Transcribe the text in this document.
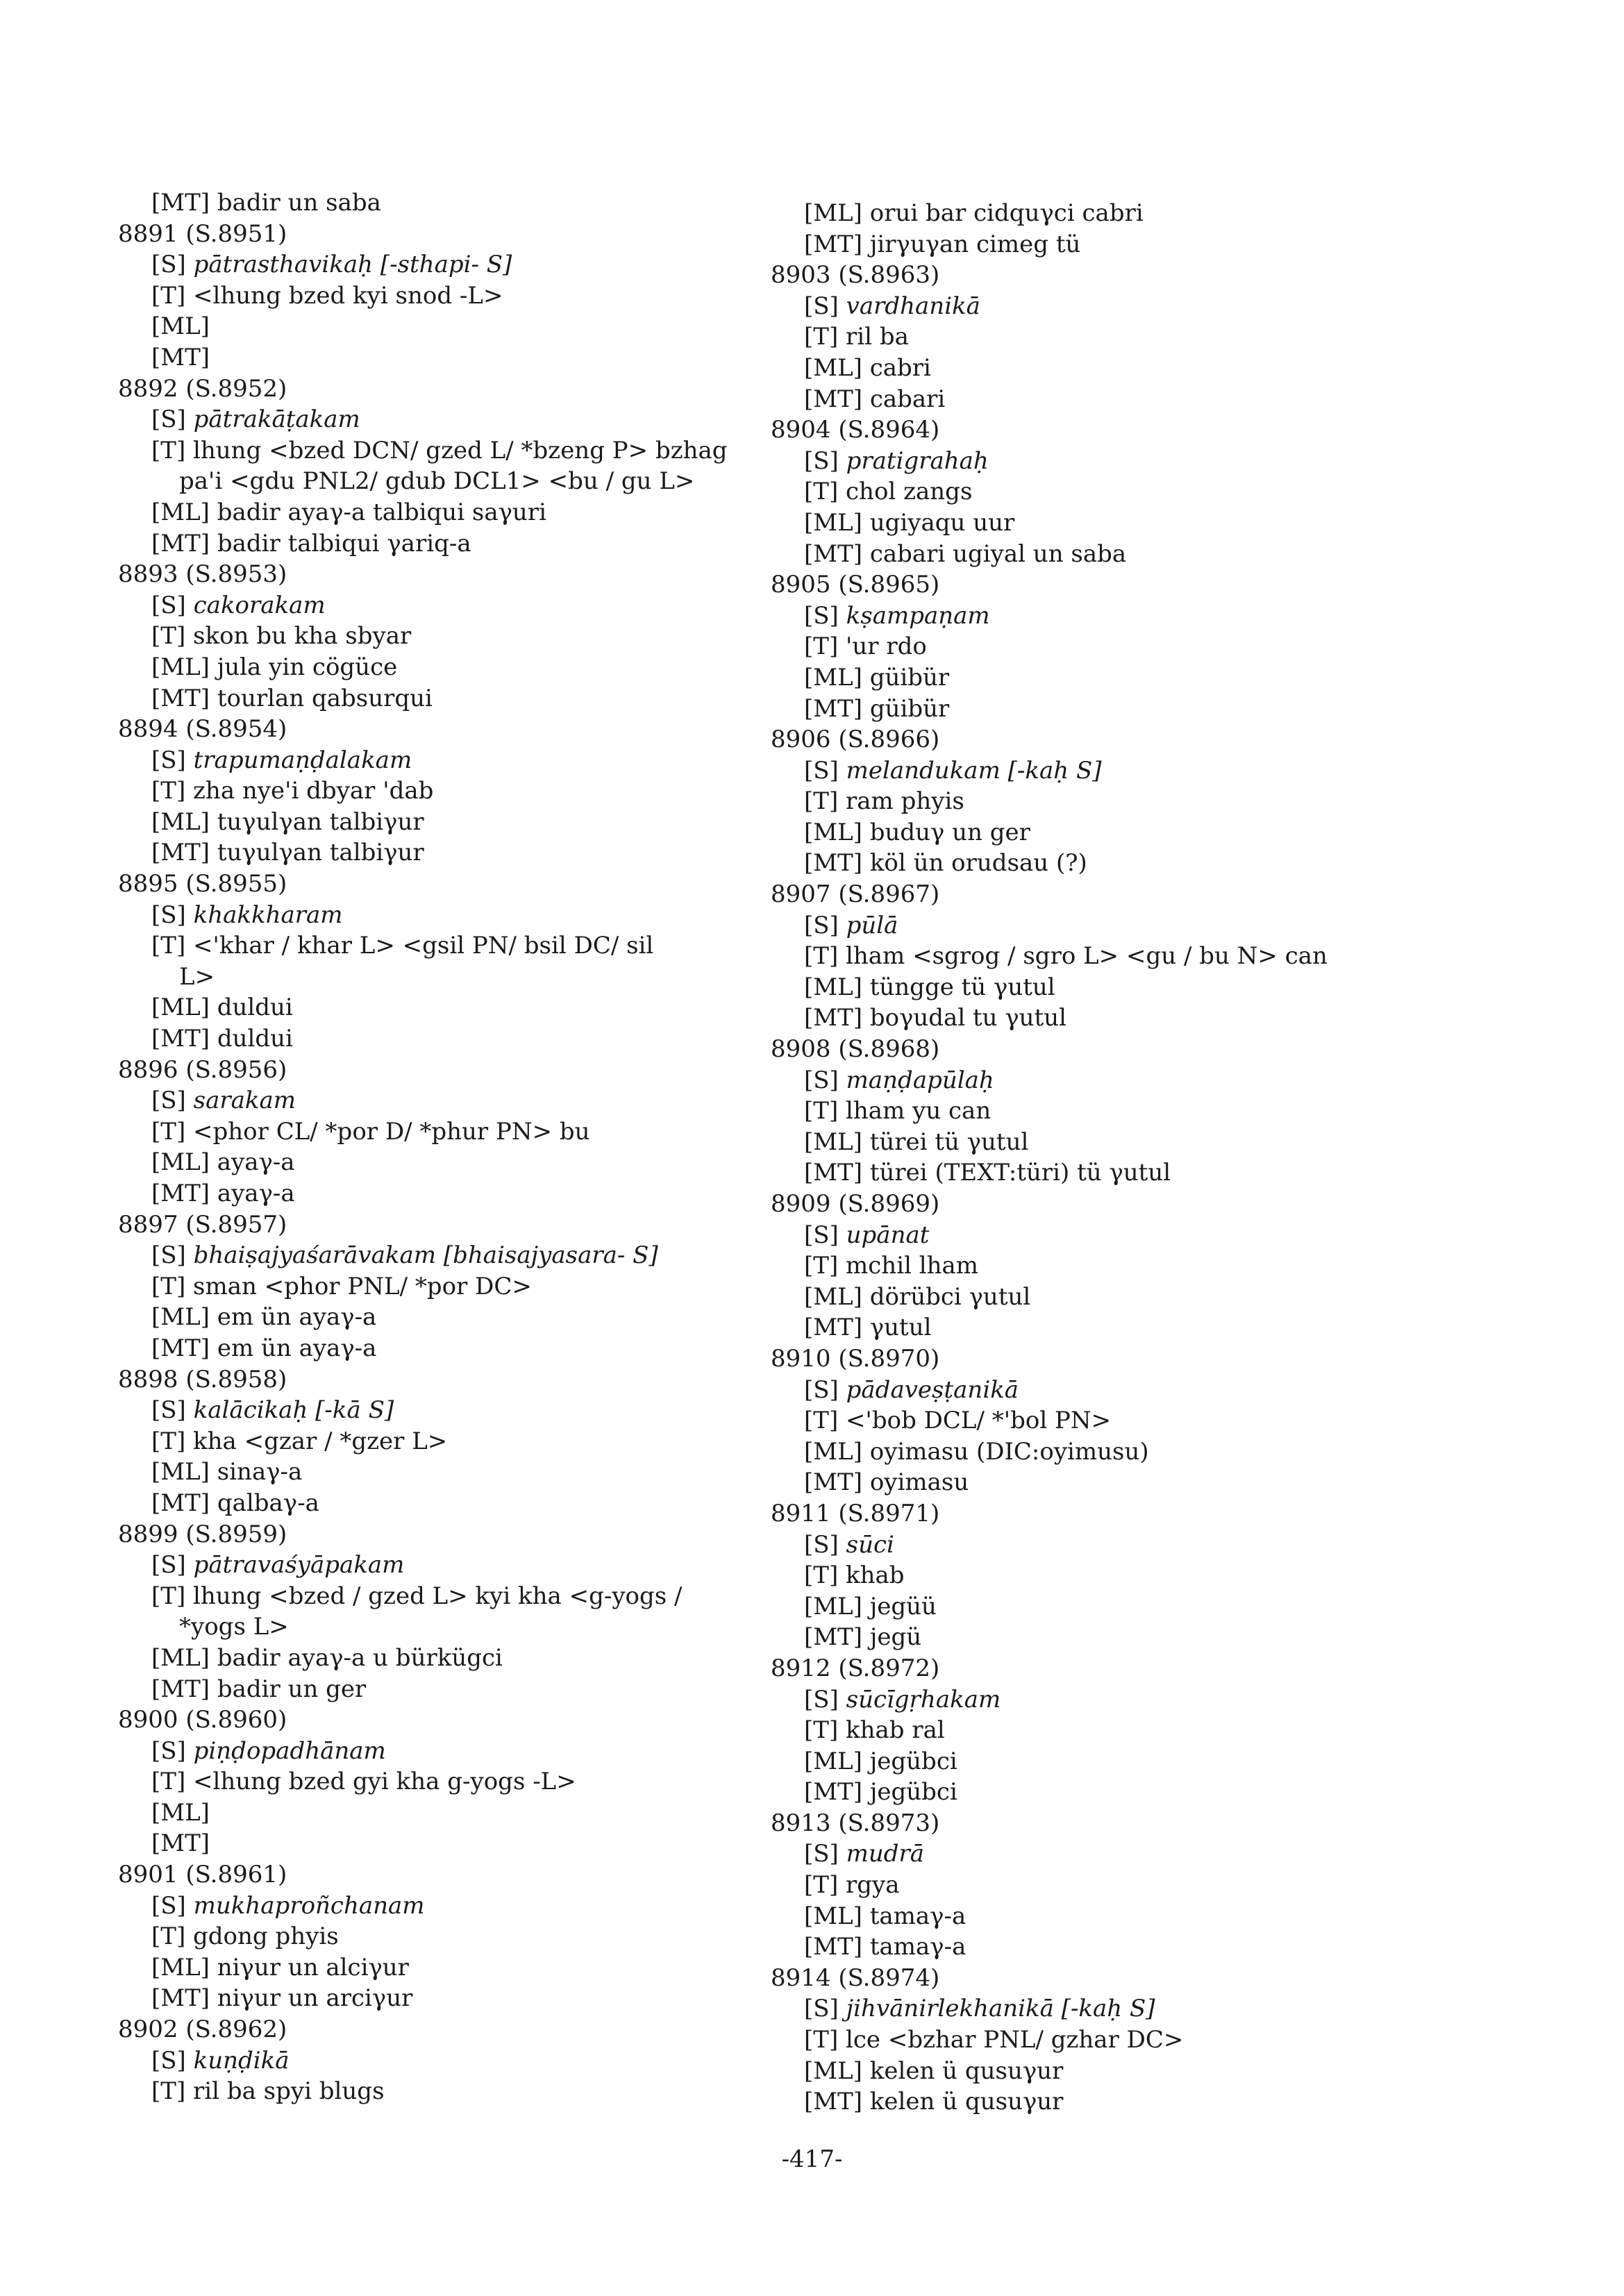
[MT] badir un saba
8891 (S.8951)
[S] pātrasthavikaḥ [-sthapi- S]
[T] <lhung bzed kyi snod -L>
[ML]
[MT]
8892 (S.8952)
[S] pātrakāṭakam
[T] lhung <bzed DCN/ gzed L/ *bzeng P> bzhag
pa'i <gdu PNL2/ gdub DCL1> <bu / gu L>
[ML] badir ayaγ-a talbiqui saγuri
[MT] badir talbiqui γariq-a
8893 (S.8953)
[S] cakorakam
[T] skon bu kha sbyar
[ML] jula yin cögüce
[MT] tourlan qabsurqui
8894 (S.8954)
[S] trapumaṇḍalakam
[T] zha nye'i dbyar 'dab
[ML] tuγulγan talbiγur
[MT] tuγulγan talbiγur
8895 (S.8955)
[S] khakkharam
[T] <'khar / khar L> <gsil PN/ bsil DC/ sil
L>
[ML] duldui
[MT] duldui
8896 (S.8956)
[S] sarakam
[T] <phor CL/ *por D/ *phur PN> bu
[ML] ayaγ-a
[MT] ayaγ-a
8897 (S.8957)
[S] bhaiṣajyaśarāvakam [bhaisajyasara- S]
[T] sman <phor PNL/ *por DC>
[ML] em ün ayaγ-a
[MT] em ün ayaγ-a
8898 (S.8958)
[S] kalācikaḥ [-kā S]
[T] kha <gzar / *gzer L>
[ML] sinaγ-a
[MT] qalbaγ-a
8899 (S.8959)
[S] pātravaśyāpakam
[T] lhung <bzed / gzed L> kyi kha <g-yogs /
*yogs L>
[ML] badir ayaγ-a u bürkügci
[MT] badir un ger
8900 (S.8960)
[S] piṇḍopadhānam
[T] <lhung bzed gyi kha g-yogs -L>
[ML]
[MT]
8901 (S.8961)
[S] mukhaproñchanam
[T] gdong phyis
[ML] niγur un alciγur
[MT] niγur un arciγur
8902 (S.8962)
[S] kuṇḍikā
[T] ril ba spyi blugs
[ML] orui bar cidquγci cabri
[MT] jirγuγan cimeg tü
8903 (S.8963)
[S] vardhanikā
[T] ril ba
[ML] cabri
[MT] cabari
8904 (S.8964)
[S] pratigrahaḥ
[T] chol zangs
[ML] ugiyaqu uur
[MT] cabari ugiyal un saba
8905 (S.8965)
[S] kṣampaṇam
[T] 'ur rdo
[ML] güibür
[MT] güibür
8906 (S.8966)
[S] melandukam [-kaḥ S]
[T] ram phyis
[ML] buduγ un ger
[MT] köl ün orudsau (?)
8907 (S.8967)
[S] pūlā
[T] lham <sgrog / sgro L> <gu / bu N> can
[ML] tüngge tü γutul
[MT] boγudal tu γutul
8908 (S.8968)
[S] maṇḍapūlaḥ
[T] lham yu can
[ML] türei tü γutul
[MT] türei (TEXT:türi) tü γutul
8909 (S.8969)
[S] upānat
[T] mchil lham
[ML] dörübci γutul
[MT] γutul
8910 (S.8970)
[S] pādaveṣṭanikā
[T] <'bob DCL/ *'bol PN>
[ML] oyimasu (DIC:oyimusu)
[MT] oyimasu
8911 (S.8971)
[S] sūci
[T] khab
[ML] jegüü
[MT] jegü
8912 (S.8972)
[S] sūcīgṛhakam
[T] khab ral
[ML] jegübci
[MT] jegübci
8913 (S.8973)
[S] mudrā
[T] rgya
[ML] tamaγ-a
[MT] tamaγ-a
8914 (S.8974)
[S] jihvānirlekhanikā [-kaḥ S]
[T] lce <bzhar PNL/ gzhar DC>
[ML] kelen ü qusuγur
[MT] kelen ü qusuγur
-417-
